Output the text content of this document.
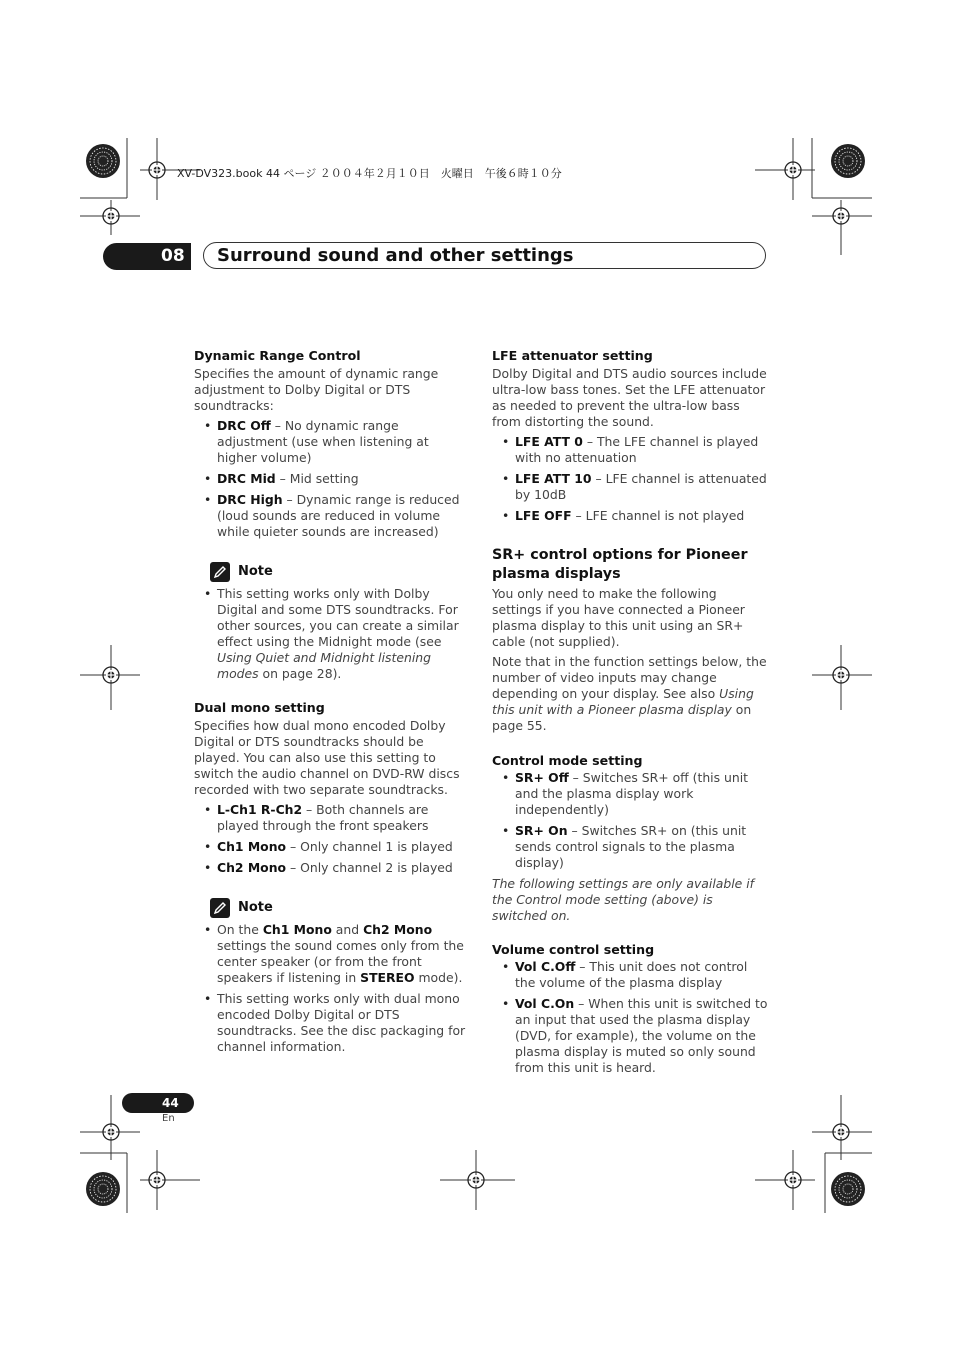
XV-DV323.book 44 ページ ２００４年２月１０日　火曜日　午後６時１０分
08	Surround sound and other settings

Dynamic Range Control

Specifies the amount of dynamic range adjustment to Dolby Digital or DTS soundtracks:

• DRC Off – No dynamic range adjustment (use when listening at higher volume)
• DRC Mid – Mid setting
• DRC High – Dynamic range is reduced (loud sounds are reduced in volume while quieter sounds are increased)
Note
• This setting works only with Dolby Digital and some DTS soundtracks. For other sources, you can create a similar effect using the Midnight mode (see Using Quiet and Midnight listening modes on page 28).

Dual mono setting

Specifies how dual mono encoded Dolby Digital or DTS soundtracks should be played. You can also use this setting to switch the audio channel on DVD-RW discs recorded with two separate soundtracks.

• L-Ch1 R-Ch2 – Both channels are played through the front speakers
• Ch1 Mono – Only channel 1 is played
• Ch2 Mono – Only channel 2 is played
Note
• On the Ch1 Mono and Ch2 Mono settings the sound comes only from the center speaker (or from the front speakers if listening in STEREO mode).
• This setting works only with dual mono encoded Dolby Digital or DTS soundtracks. See the disc packaging for channel information.

LFE attenuator setting

Dolby Digital and DTS audio sources include ultra-low bass tones. Set the LFE attenuator as needed to prevent the ultra-low bass from distorting the sound.

• LFE ATT 0 – The LFE channel is played with no attenuation
• LFE ATT 10 – LFE channel is attenuated by 10dB
• LFE OFF – LFE channel is not played

SR+ control options for Pioneer plasma displays

You only need to make the following settings if you have connected a Pioneer plasma display to this unit using an SR+ cable (not supplied).

Note that in the function settings below, the number of video inputs may change depending on your display. See also Using this unit with a Pioneer plasma display on page 55.

Control mode setting

• SR+ Off – Switches SR+ off (this unit and the plasma display work independently)
• SR+ On – Switches SR+ on (this unit sends control signals to the plasma display)

The following settings are only available if the Control mode setting (above) is switched on.

Volume control setting

• Vol C.Off – This unit does not control the volume of the plasma display
• Vol C.On – When this unit is switched to an input that used the plasma display (DVD, for example), the volume on the plasma display is muted so only sound from this unit is heard.
44
En
